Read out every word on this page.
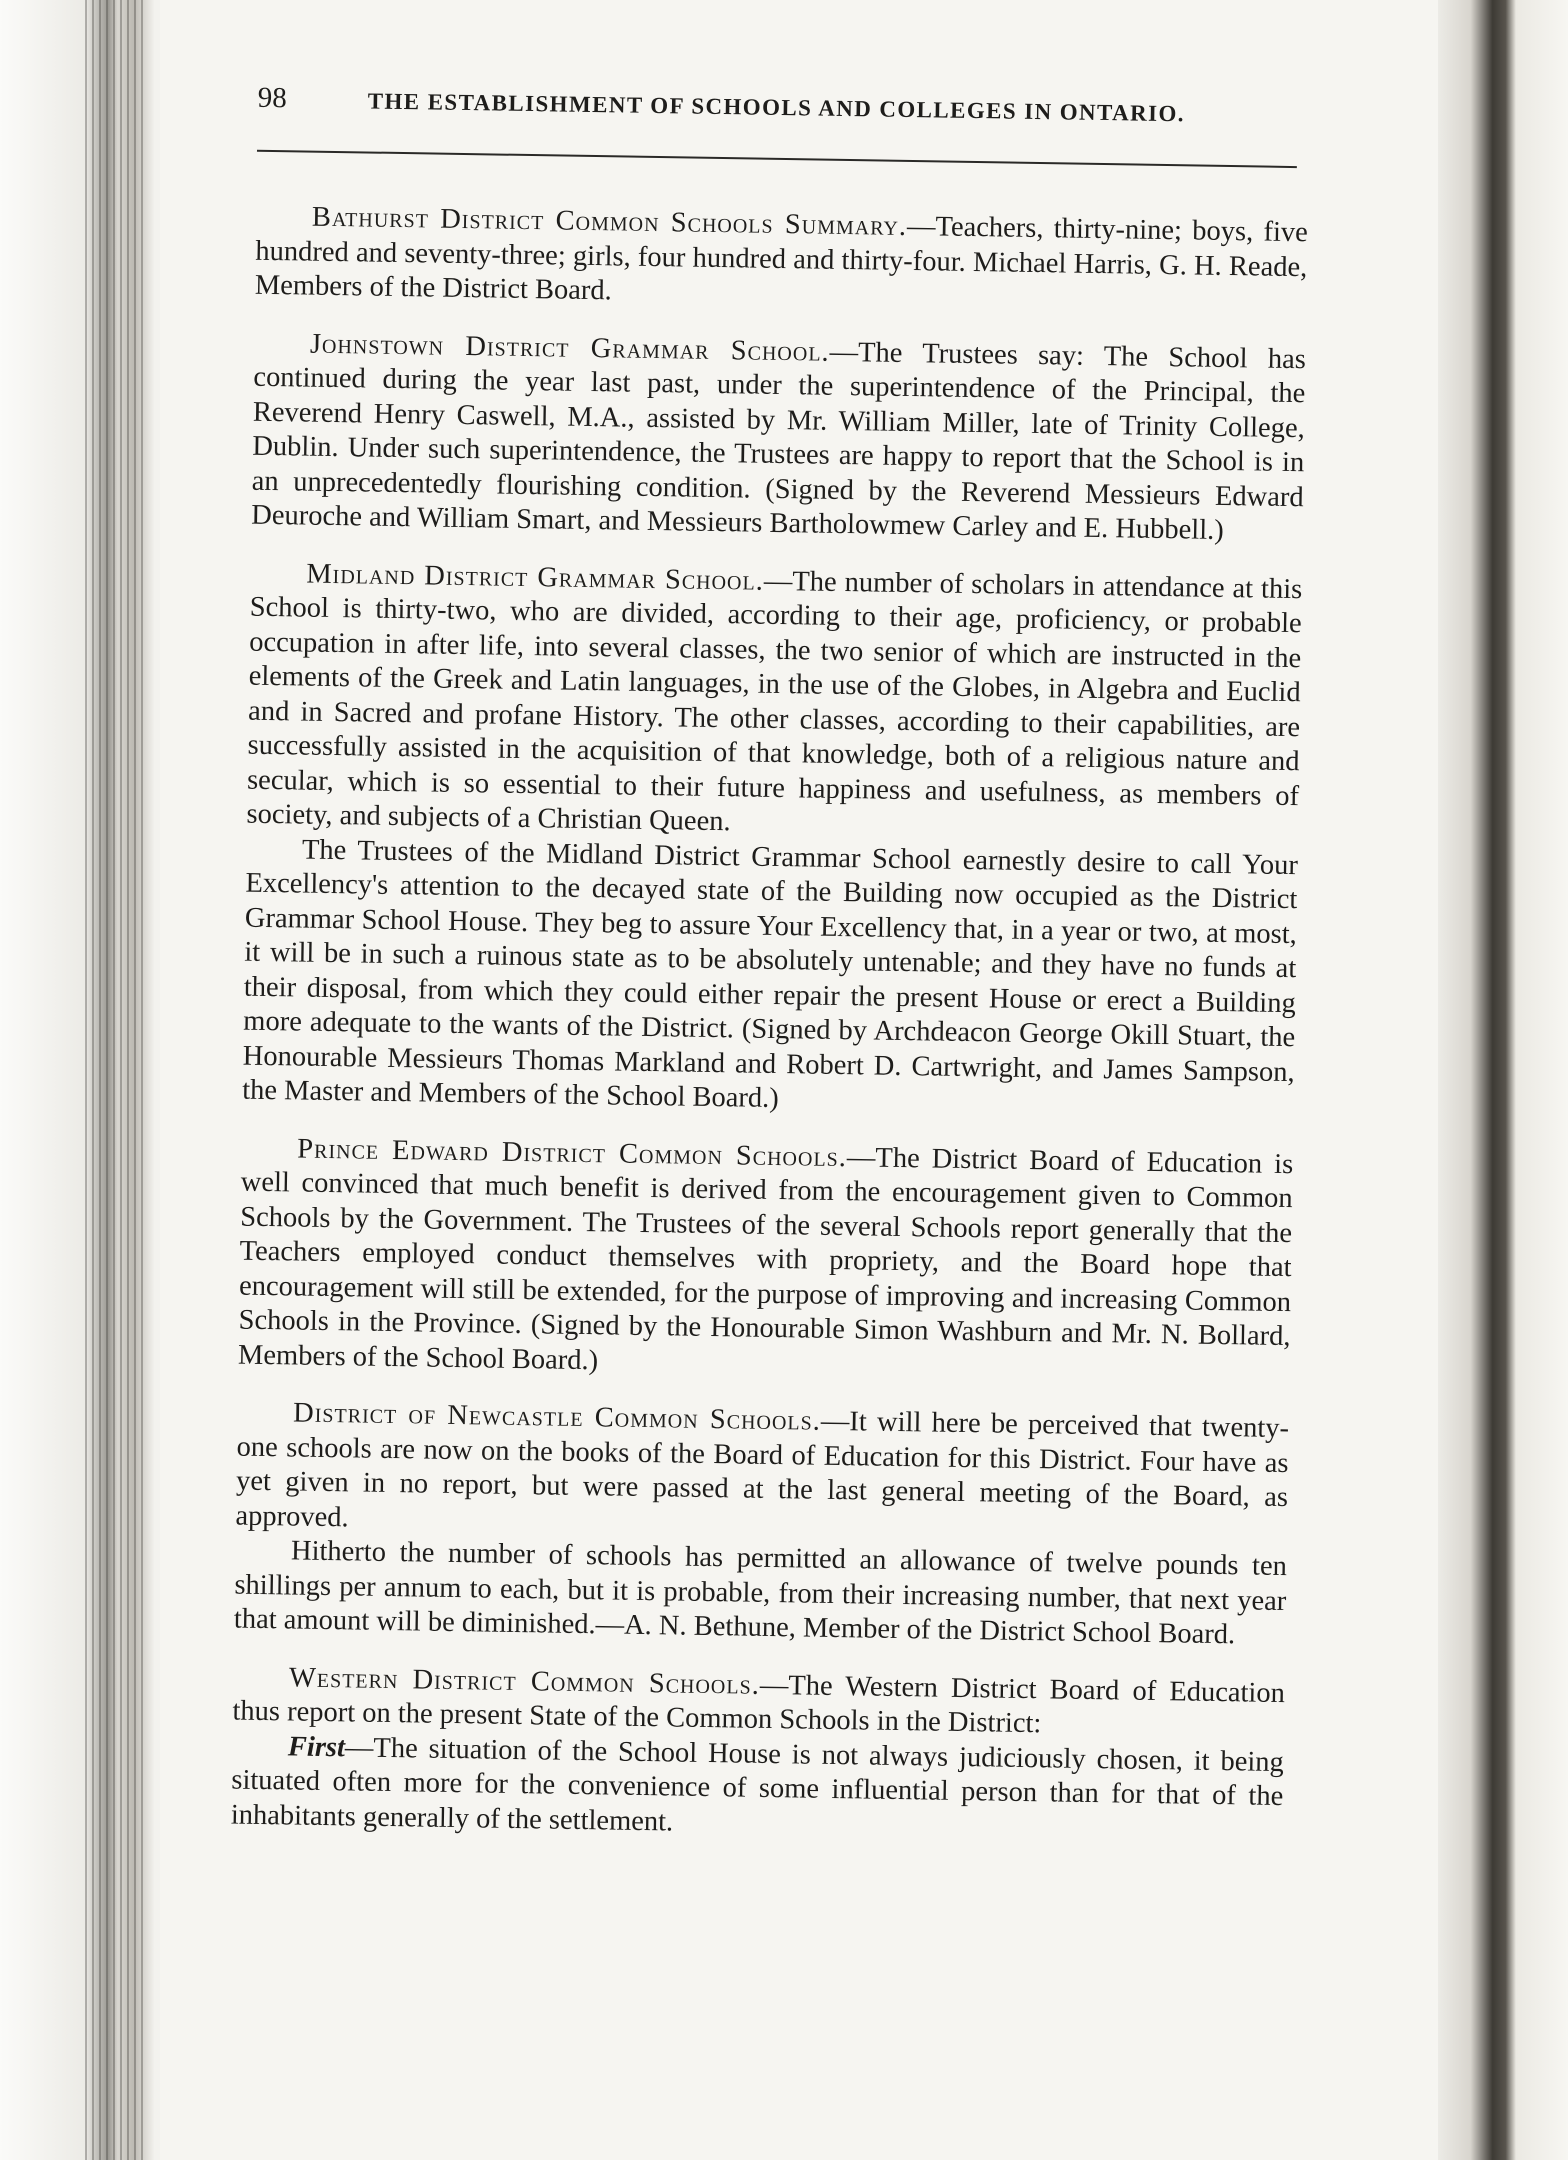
98	THE ESTABLISHMENT OF SCHOOLS AND COLLEGES IN ONTARIO.

Bathurst District Common Schools Summary.—Teachers, thirty-nine; boys, five hundred and seventy-three; girls, four hundred and thirty-four. Michael Harris, G. H. Reade, Members of the District Board.

Johnstown District Grammar School.—The Trustees say: The School has continued during the year last past, under the superintendence of the Principal, the Reverend Henry Caswell, M.A., assisted by Mr. William Miller, late of Trinity College, Dublin. Under such superintendence, the Trustees are happy to report that the School is in an unprecedentedly flourishing condition. (Signed by the Reverend Messieurs Edward Deuroche and William Smart, and Messieurs Bartholowmew Carley and E. Hubbell.)

Midland District Grammar School.—The number of scholars in attendance at this School is thirty-two, who are divided, according to their age, proficiency, or probable occupation in after life, into several classes, the two senior of which are instructed in the elements of the Greek and Latin languages, in the use of the Globes, in Algebra and Euclid and in Sacred and profane History. The other classes, according to their capabilities, are successfully assisted in the acquisition of that knowledge, both of a religious nature and secular, which is so essential to their future happiness and usefulness, as members of society, and subjects of a Christian Queen.

The Trustees of the Midland District Grammar School earnestly desire to call Your Excellency's attention to the decayed state of the Building now occupied as the District Grammar School House. They beg to assure Your Excellency that, in a year or two, at most, it will be in such a ruinous state as to be absolutely untenable; and they have no funds at their disposal, from which they could either repair the present House or erect a Building more adequate to the wants of the District. (Signed by Archdeacon George Okill Stuart, the Honourable Messieurs Thomas Markland and Robert D. Cartwright, and James Sampson, the Master and Members of the School Board.)

Prince Edward District Common Schools.—The District Board of Education is well convinced that much benefit is derived from the encouragement given to Common Schools by the Government. The Trustees of the several Schools report generally that the Teachers employed conduct themselves with propriety, and the Board hope that encouragement will still be extended, for the purpose of improving and increasing Common Schools in the Province. (Signed by the Honourable Simon Washburn and Mr. N. Bollard, Members of the School Board.)

District of Newcastle Common Schools.—It will here be perceived that twenty-one schools are now on the books of the Board of Education for this District. Four have as yet given in no report, but were passed at the last general meeting of the Board, as approved.

Hitherto the number of schools has permitted an allowance of twelve pounds ten shillings per annum to each, but it is probable, from their increasing number, that next year that amount will be diminished.—A. N. Bethune, Member of the District School Board.

Western District Common Schools.—The Western District Board of Education thus report on the present State of the Common Schools in the District:

First—The situation of the School House is not always judiciously chosen, it being situated often more for the convenience of some influential person than for that of the inhabitants generally of the settlement.
